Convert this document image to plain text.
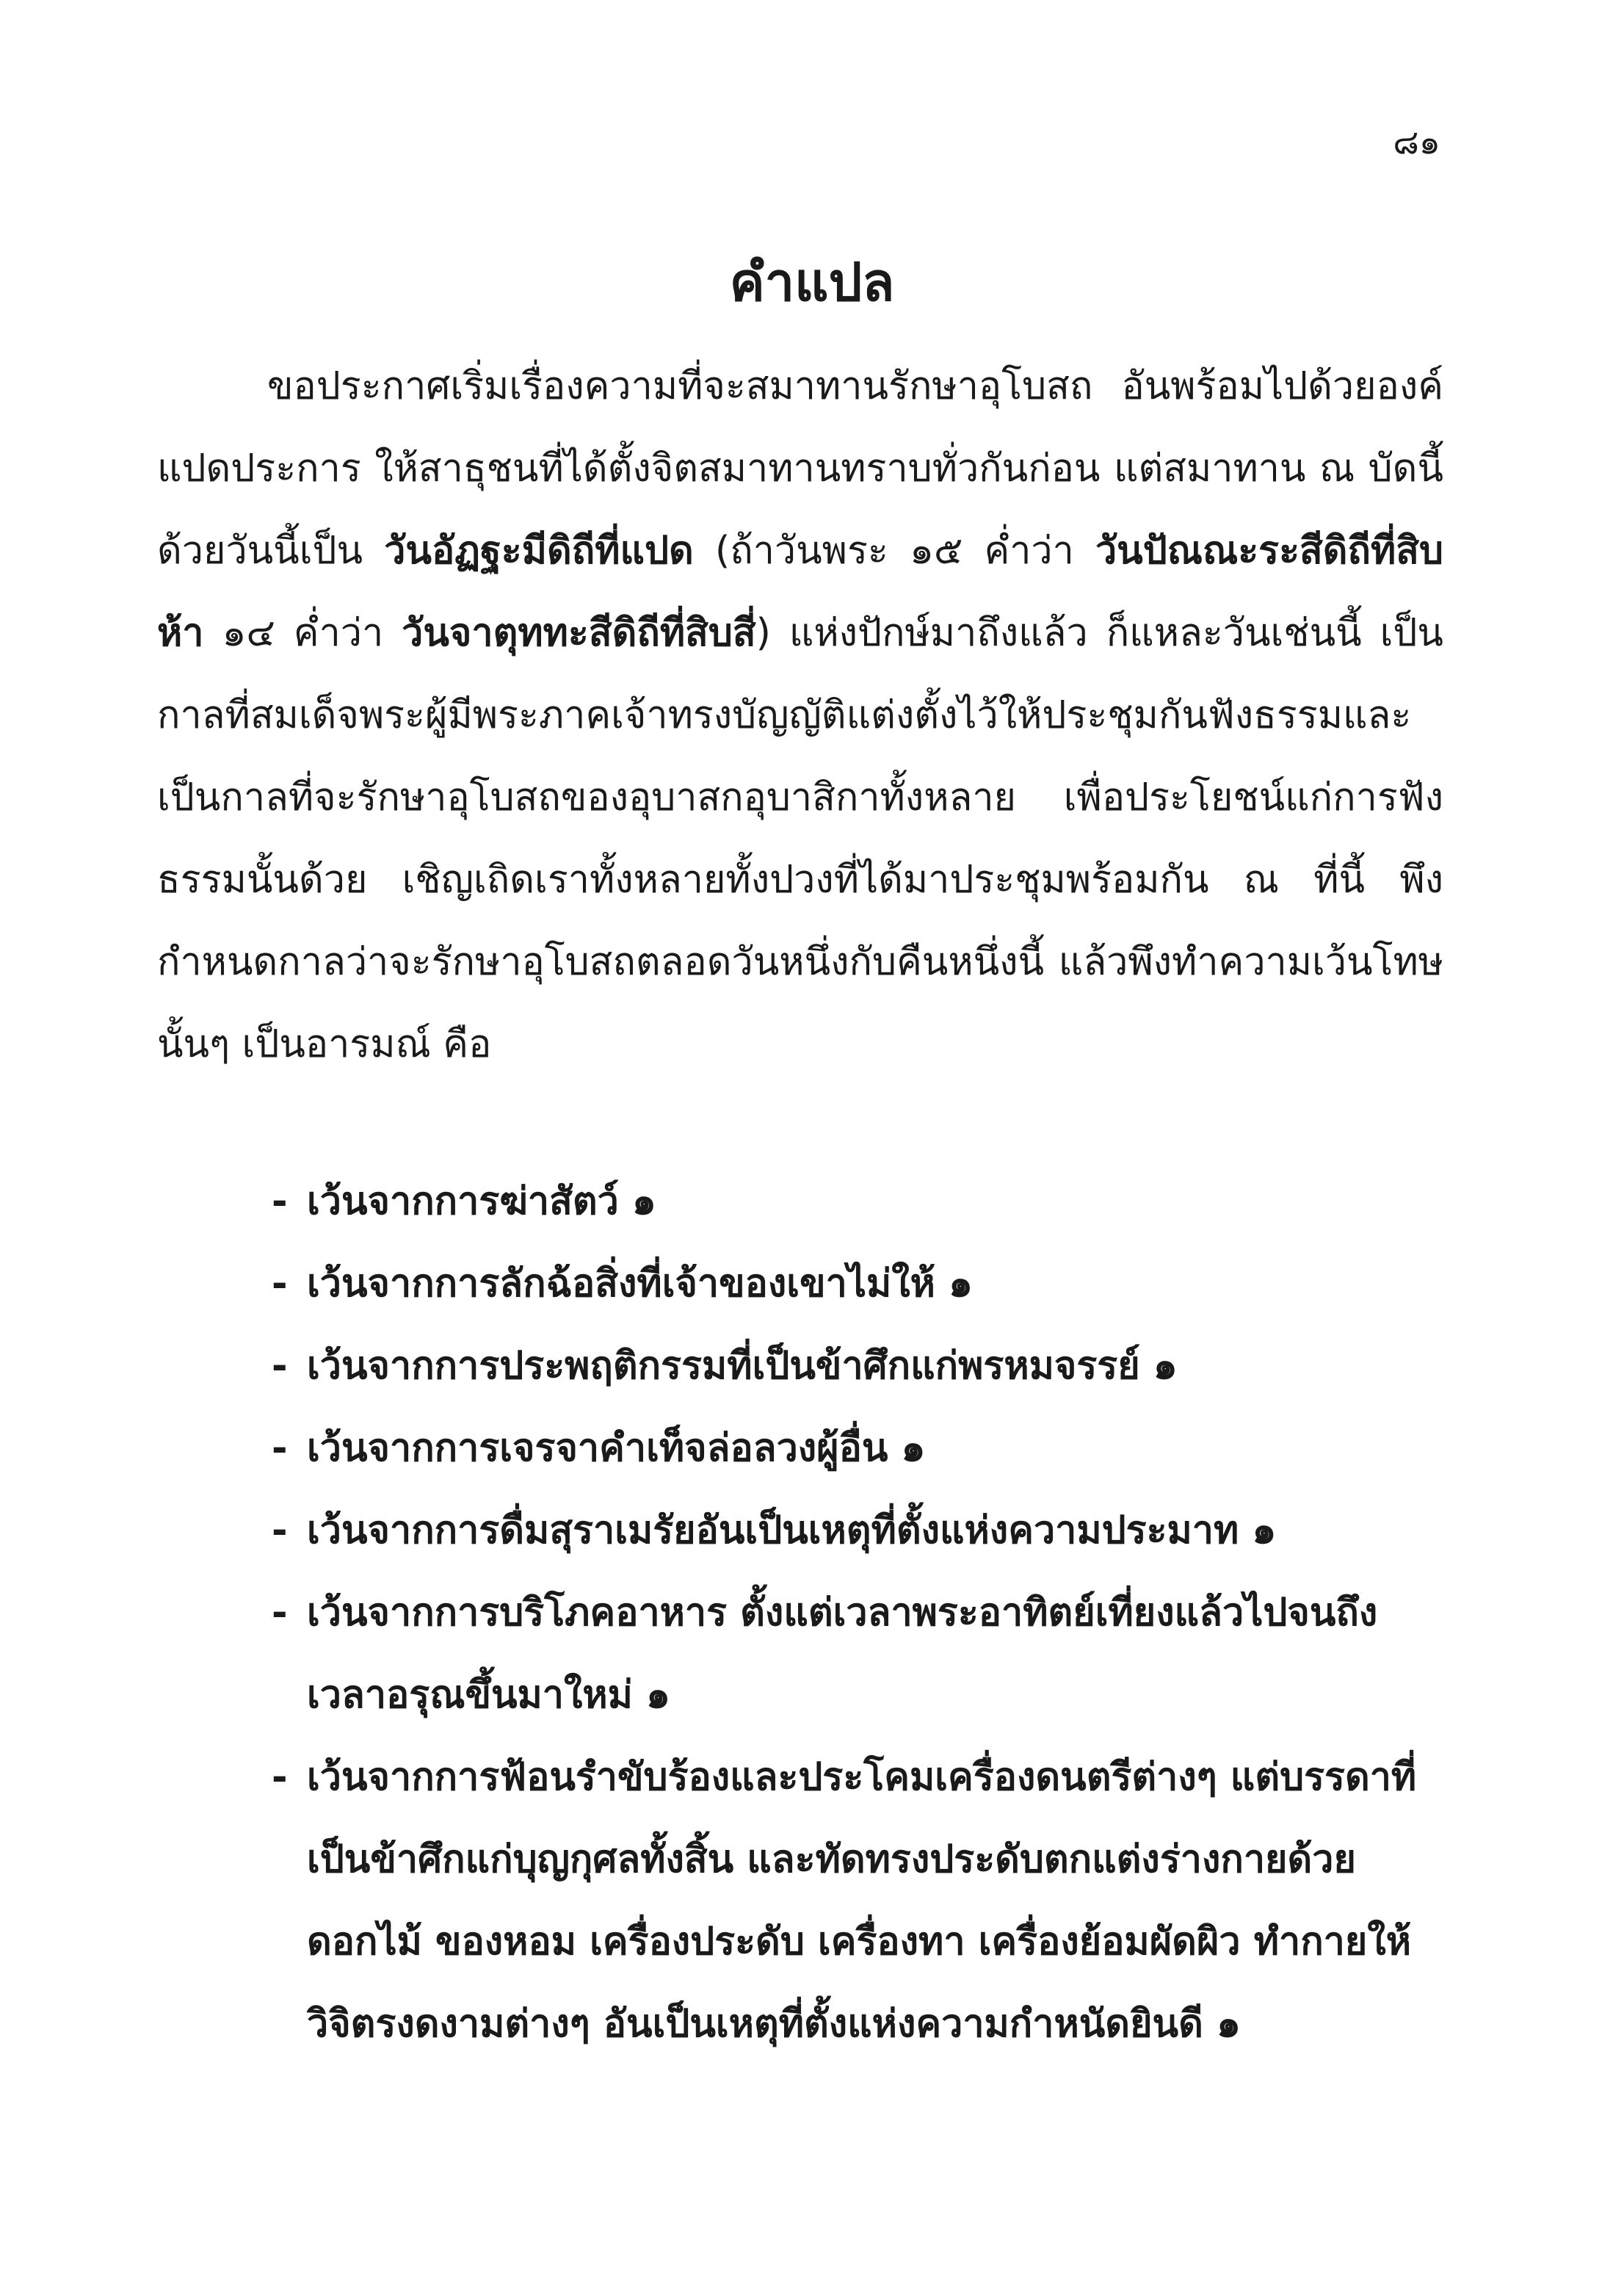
๘๑
คำแปล

ขอประกาศเริ่มเรื่องความที่จะสมาทานรักษาอุโบสถ อันพร้อมไปด้วยองค์แปดประการ ให้สาธุชนที่ได้ตั้งจิตสมาทานทราบทั่วกันก่อน แต่สมาทาน ณ บัดนี้ ด้วยวันนี้เป็น วันอัฏฐะมีดิถีที่แปด (ถ้าวันพระ ๑๕ ค่ำว่า วันปัณณะระสีดิถีที่สิบห้า ๑๔ ค่ำว่า วันจาตุททะสีดิถีที่สิบสี่) แห่งปักษ์มาถึงแล้ว ก็แหละวันเช่นนี้ เป็นกาลที่สมเด็จพระผู้มีพระภาคเจ้าทรงบัญญัติแต่งตั้งไว้ให้ประชุมกันฟังธรรมและเป็นกาลที่จะรักษาอุโบสถของอุบาสกอุบาสิกาทั้งหลาย เพื่อประโยชน์แก่การฟังธรรมนั้นด้วย เชิญเถิดเราทั้งหลายทั้งปวงที่ได้มาประชุมพร้อมกัน ณ ที่นี้ พึงกำหนดกาลว่าจะรักษาอุโบสถตลอดวันหนึ่งกับคืนหนึ่งนี้ แล้วพึงทำความเว้นโทษนั้นๆ เป็นอารมณ์ คือ

- เว้นจากการฆ่าสัตว์ ๑
- เว้นจากการลักฉ้อสิ่งที่เจ้าของเขาไม่ให้ ๑
- เว้นจากการประพฤติกรรมที่เป็นข้าศึกแก่พรหมจรรย์ ๑
- เว้นจากการเจรจาคำเท็จล่อลวงผู้อื่น ๑
- เว้นจากการดื่มสุราเมรัยอันเป็นเหตุที่ตั้งแห่งความประมาท ๑
- เว้นจากการบริโภคอาหาร ตั้งแต่เวลาพระอาทิตย์เที่ยงแล้วไปจนถึงเวลาอรุณขึ้นมาใหม่ ๑
- เว้นจากการฟ้อนรำขับร้องและประโคมเครื่องดนตรีต่างๆ แต่บรรดาที่เป็นข้าศึกแก่บุญกุศลทั้งสิ้น และทัดทรงประดับตกแต่งร่างกายด้วยดอกไม้ ของหอม เครื่องประดับ เครื่องทา เครื่องย้อมผัดผิว ทำกายให้วิจิตรงดงามต่างๆ อันเป็นเหตุที่ตั้งแห่งความกำหนัดยินดี ๑
